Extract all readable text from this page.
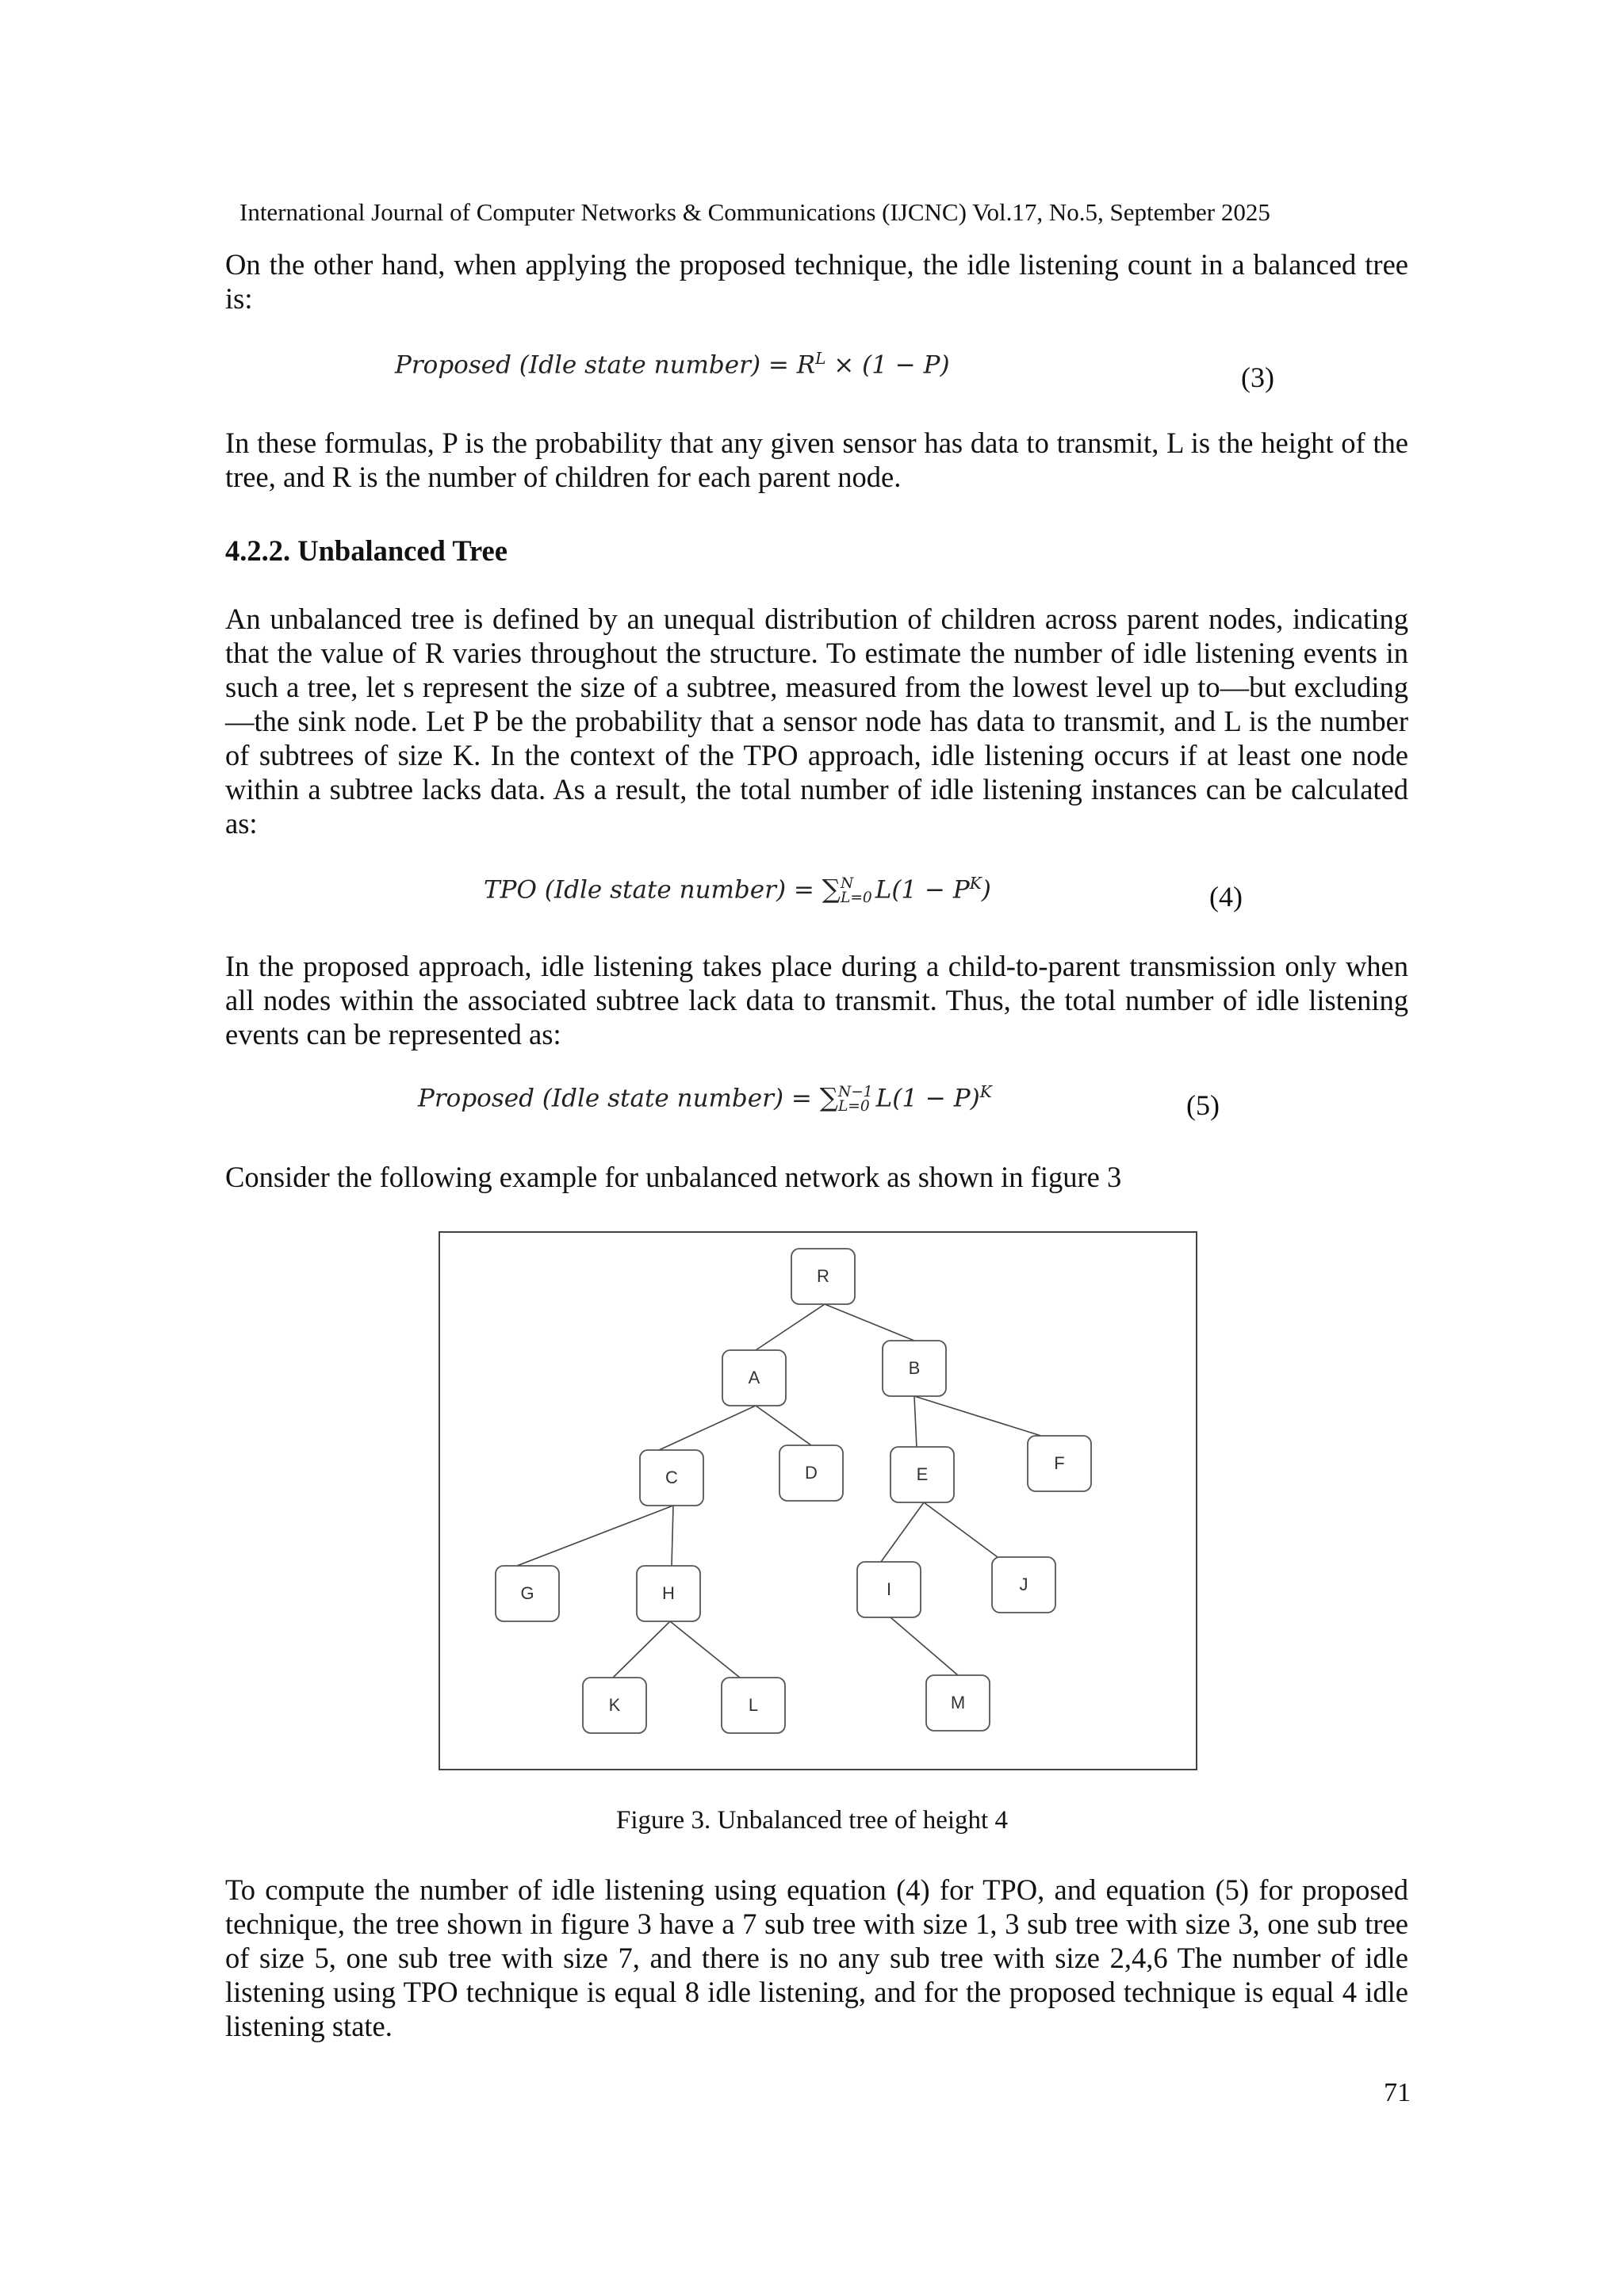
International Journal of Computer Networks & Communications (IJCNC) Vol.17, No.5, September 2025

On the other hand, when applying the proposed technique, the idle listening count in a balanced tree is:

Proposed (Idle state number) = $R^L \times (1 - P)$	(3)

In these formulas, P is the probability that any given sensor has data to transmit, L is the height of the tree, and R is the number of children for each parent node.

4.2.2. Unbalanced Tree

An unbalanced tree is defined by an unequal distribution of children across parent nodes, indicating that the value of R varies throughout the structure. To estimate the number of idle listening events in such a tree, let s represent the size of a subtree, measured from the lowest level up to—but excluding—the sink node. Let P be the probability that a sensor node has data to transmit, and L is the number of subtrees of size K. In the context of the TPO approach, idle listening occurs if at least one node within a subtree lacks data. As a result, the total number of idle listening instances can be calculated as:

TPO (Idle state number) = ∑ N
L=0 $L(1 - P^K)$	(4)

In the proposed approach, idle listening takes place during a child-to-parent transmission only when all nodes within the associated subtree lack data to transmit. Thus, the total number of idle listening events can be represented as:

Proposed (Idle state number) = ∑ N−1
L=0 $L(1 - P)^K$	(5)

Consider the following example for unbalanced network as shown in figure 3

R
A	B
C	D	E
F
G	H	I	J
K	L	M
Figure 3. Unbalanced tree of height 4

To compute the number of idle listening using equation (4) for TPO, and equation (5) for proposed technique, the tree shown in figure 3 have a 7 sub tree with size 1, 3 sub tree with size 3, one sub tree of size 5, one sub tree with size 7, and there is no any sub tree with size 2,4,6 The number of idle listening using TPO technique is equal 8 idle listening, and for the proposed technique is equal 4 idle listening state.

71
